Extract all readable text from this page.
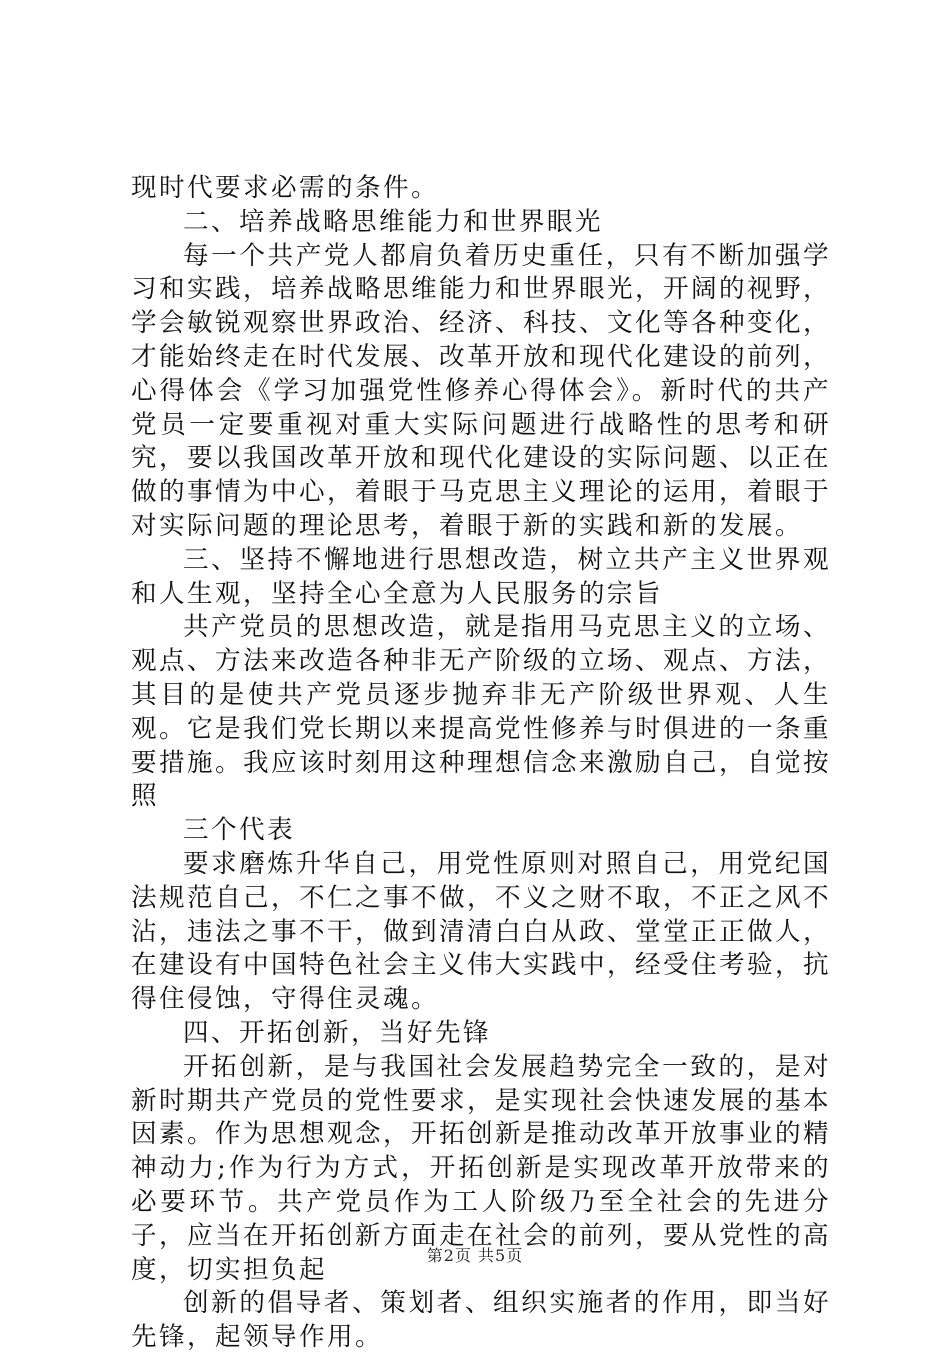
现时代要求必需的条件。

二、培养战略思维能力和世界眼光

每一个共产党人都肩负着历史重任，只有不断加强学习和实践，培养战略思维能力和世界眼光，开阔的视野，学会敏锐观察世界政治、经济、科技、文化等各种变化，才能始终走在时代发展、改革开放和现代化建设的前列，心得体会《学习加强党性修养心得体会》。新时代的共产党员一定要重视对重大实际问题进行战略性的思考和研究，要以我国改革开放和现代化建设的实际问题、以正在做的事情为中心，着眼于马克思主义理论的运用，着眼于对实际问题的理论思考，着眼于新的实践和新的发展。

三、坚持不懈地进行思想改造，树立共产主义世界观和人生观，坚持全心全意为人民服务的宗旨

共产党员的思想改造，就是指用马克思主义的立场、观点、方法来改造各种非无产阶级的立场、观点、方法，其目的是使共产党员逐步抛弃非无产阶级世界观、人生观。它是我们党长期以来提高党性修养与时俱进的一条重要措施。我应该时刻用这种理想信念来激励自己，自觉按照

三个代表

要求磨炼升华自己，用党性原则对照自己，用党纪国法规范自己，不仁之事不做，不义之财不取，不正之风不沾，违法之事不干，做到清清白白从政、堂堂正正做人，在建设有中国特色社会主义伟大实践中，经受住考验，抗得住侵蚀，守得住灵魂。

四、开拓创新，当好先锋

开拓创新，是与我国社会发展趋势完全一致的，是对新时期共产党员的党性要求，是实现社会快速发展的基本因素。作为思想观念，开拓创新是推动改革开放事业的精神动力;作为行为方式，开拓创新是实现改革开放带来的必要环节。共产党员作为工人阶级乃至全社会的先进分子，应当在开拓创新方面走在社会的前列，要从党性的高度，切实担负起

创新的倡导者、策划者、组织实施者的作用，即当好先锋，起领导作用。

第2页 共5页
